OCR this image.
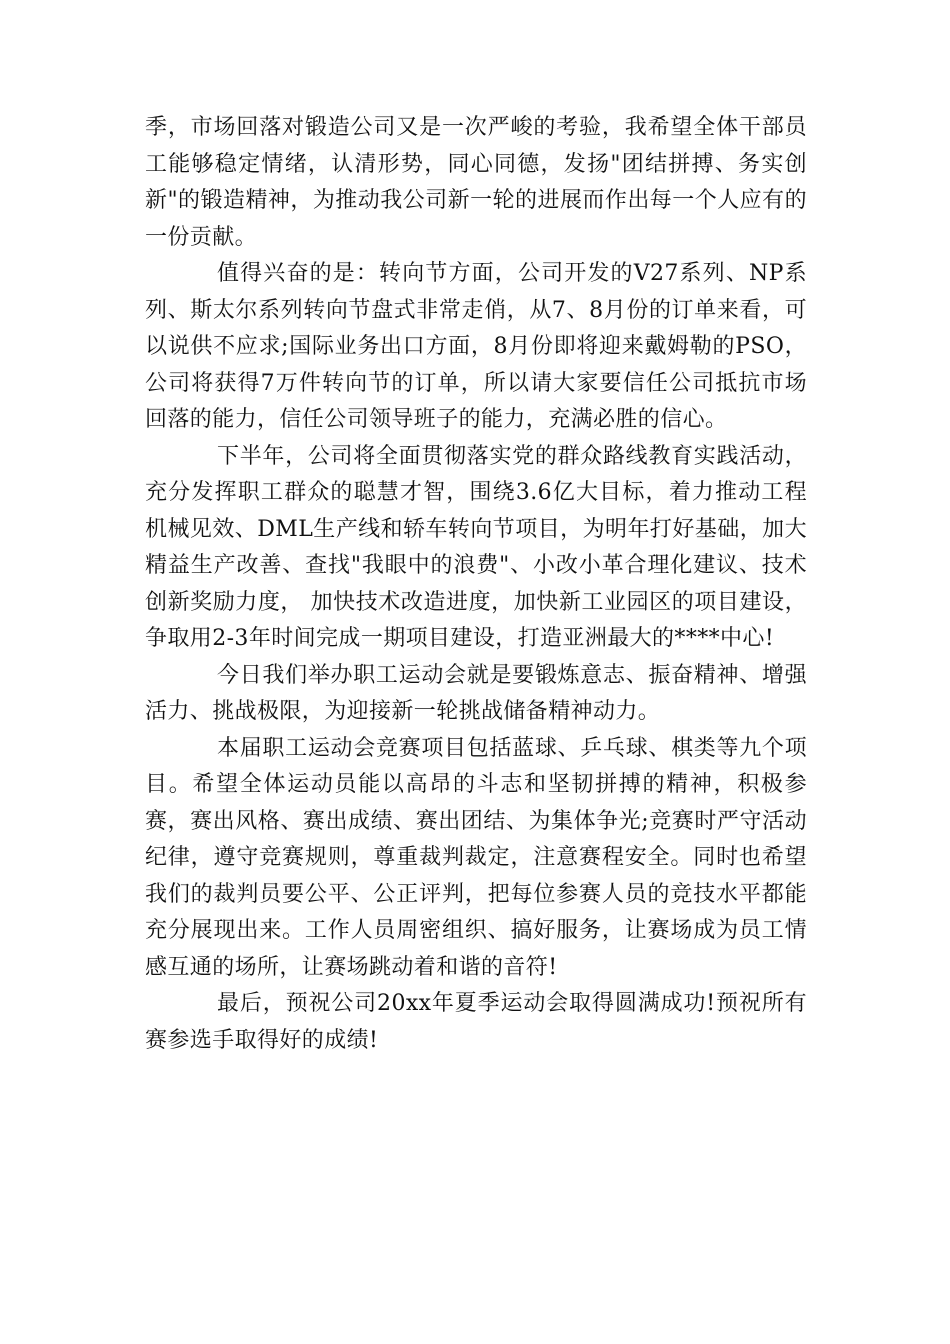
季，市场回落对锻造公司又是一次严峻的考验，我希望全体干部员工能够稳定情绪，认清形势，同心同德，发扬"团结拼搏、务实创新"的锻造精神，为推动我公司新一轮的进展而作出每一个人应有的一份贡献。

值得兴奋的是：转向节方面，公司开发的V27系列、NP系列、斯太尔系列转向节盘式非常走俏，从7、8月份的订单来看，可以说供不应求;国际业务出口方面，8月份即将迎来戴姆勒的PSO，公司将获得7万件转向节的订单，所以请大家要信任公司抵抗市场回落的能力，信任公司领导班子的能力，充满必胜的信心。

下半年，公司将全面贯彻落实党的群众路线教育实践活动，充分发挥职工群众的聪慧才智，围绕3.6亿大目标，着力推动工程机械见效、DML生产线和轿车转向节项目，为明年打好基础，加大精益生产改善、查找"我眼中的浪费"、小改小革合理化建议、技术创新奖励力度， 加快技术改造进度，加快新工业园区的项目建设，争取用2-3年时间完成一期项目建设，打造亚洲最大的****中心!

今日我们举办职工运动会就是要锻炼意志、振奋精神、增强活力、挑战极限，为迎接新一轮挑战储备精神动力。

本届职工运动会竞赛项目包括蓝球、乒乓球、棋类等九个项目。希望全体运动员能以高昂的斗志和坚韧拼搏的精神，积极参赛，赛出风格、赛出成绩、赛出团结、为集体争光;竞赛时严守活动纪律，遵守竞赛规则，尊重裁判裁定，注意赛程安全。同时也希望我们的裁判员要公平、公正评判，把每位参赛人员的竞技水平都能充分展现出来。工作人员周密组织、搞好服务，让赛场成为员工情感互通的场所，让赛场跳动着和谐的音符!

最后，预祝公司20xx年夏季运动会取得圆满成功!预祝所有赛参选手取得好的成绩!
